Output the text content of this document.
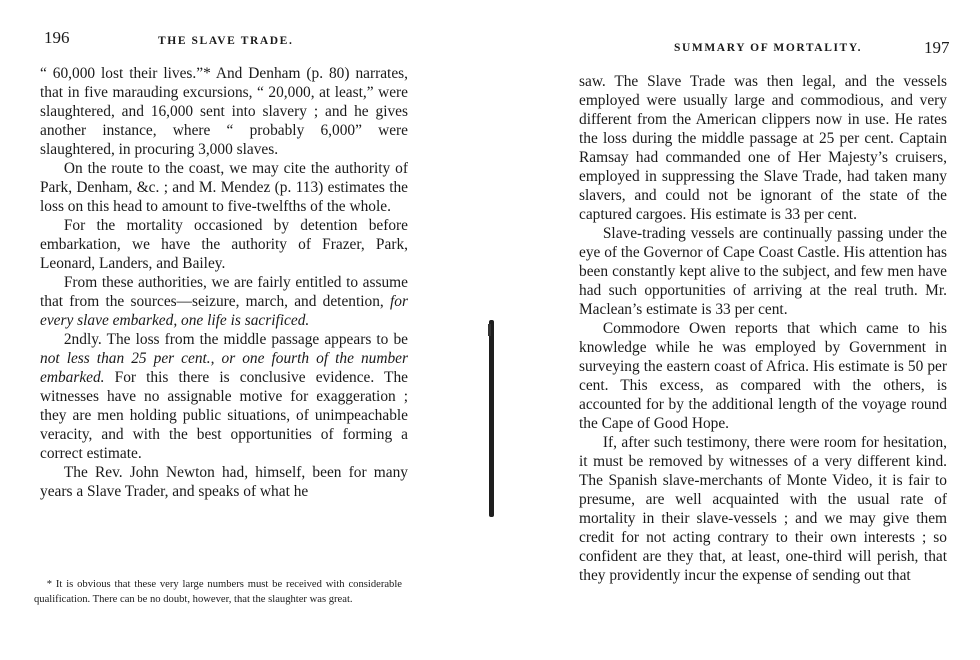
196	THE SLAVE TRADE.

“ 60,000 lost their lives.”* And Denham (p. 80) narrates, that in five marauding excursions, “ 20,000, at least,” were slaughtered, and 16,000 sent into slavery ; and he gives another instance, where “ probably 6,000” were slaughtered, in procuring 3,000 slaves.

On the route to the coast, we may cite the authority of Park, Denham, &c. ; and M. Mendez (p. 113) estimates the loss on this head to amount to five-twelfths of the whole.

For the mortality occasioned by detention before embarkation, we have the authority of Frazer, Park, Leonard, Landers, and Bailey.

From these authorities, we are fairly entitled to assume that from the sources—seizure, march, and detention, for every slave embarked, one life is sacrificed.

2ndly. The loss from the middle passage appears to be not less than 25 per cent., or one fourth of the number embarked. For this there is conclusive evidence. The witnesses have no assignable motive for exaggeration ; they are men holding public situations, of unimpeachable veracity, and with the best opportunities of forming a correct estimate.

The Rev. John Newton had, himself, been for many years a Slave Trader, and speaks of what he

* It is obvious that these very large numbers must be received with considerable qualification. There can be no doubt, however, that the slaughter was great.

SUMMARY OF MORTALITY.	197

saw. The Slave Trade was then legal, and the vessels employed were usually large and commodious, and very different from the American clippers now in use. He rates the loss during the middle passage at 25 per cent. Captain Ramsay had commanded one of Her Majesty’s cruisers, employed in suppressing the Slave Trade, had taken many slavers, and could not be ignorant of the state of the captured cargoes. His estimate is 33 per cent.

Slave-trading vessels are continually passing under the eye of the Governor of Cape Coast Castle. His attention has been constantly kept alive to the subject, and few men have had such opportunities of arriving at the real truth. Mr. Maclean’s estimate is 33 per cent.

Commodore Owen reports that which came to his knowledge while he was employed by Government in surveying the eastern coast of Africa. His estimate is 50 per cent. This excess, as compared with the others, is accounted for by the additional length of the voyage round the Cape of Good Hope.

If, after such testimony, there were room for hesitation, it must be removed by witnesses of a very different kind. The Spanish slave-merchants of Monte Video, it is fair to presume, are well acquainted with the usual rate of mortality in their slave-vessels ; and we may give them credit for not acting contrary to their own interests ; so confident are they that, at least, one-third will perish, that they providently incur the expense of sending out that
